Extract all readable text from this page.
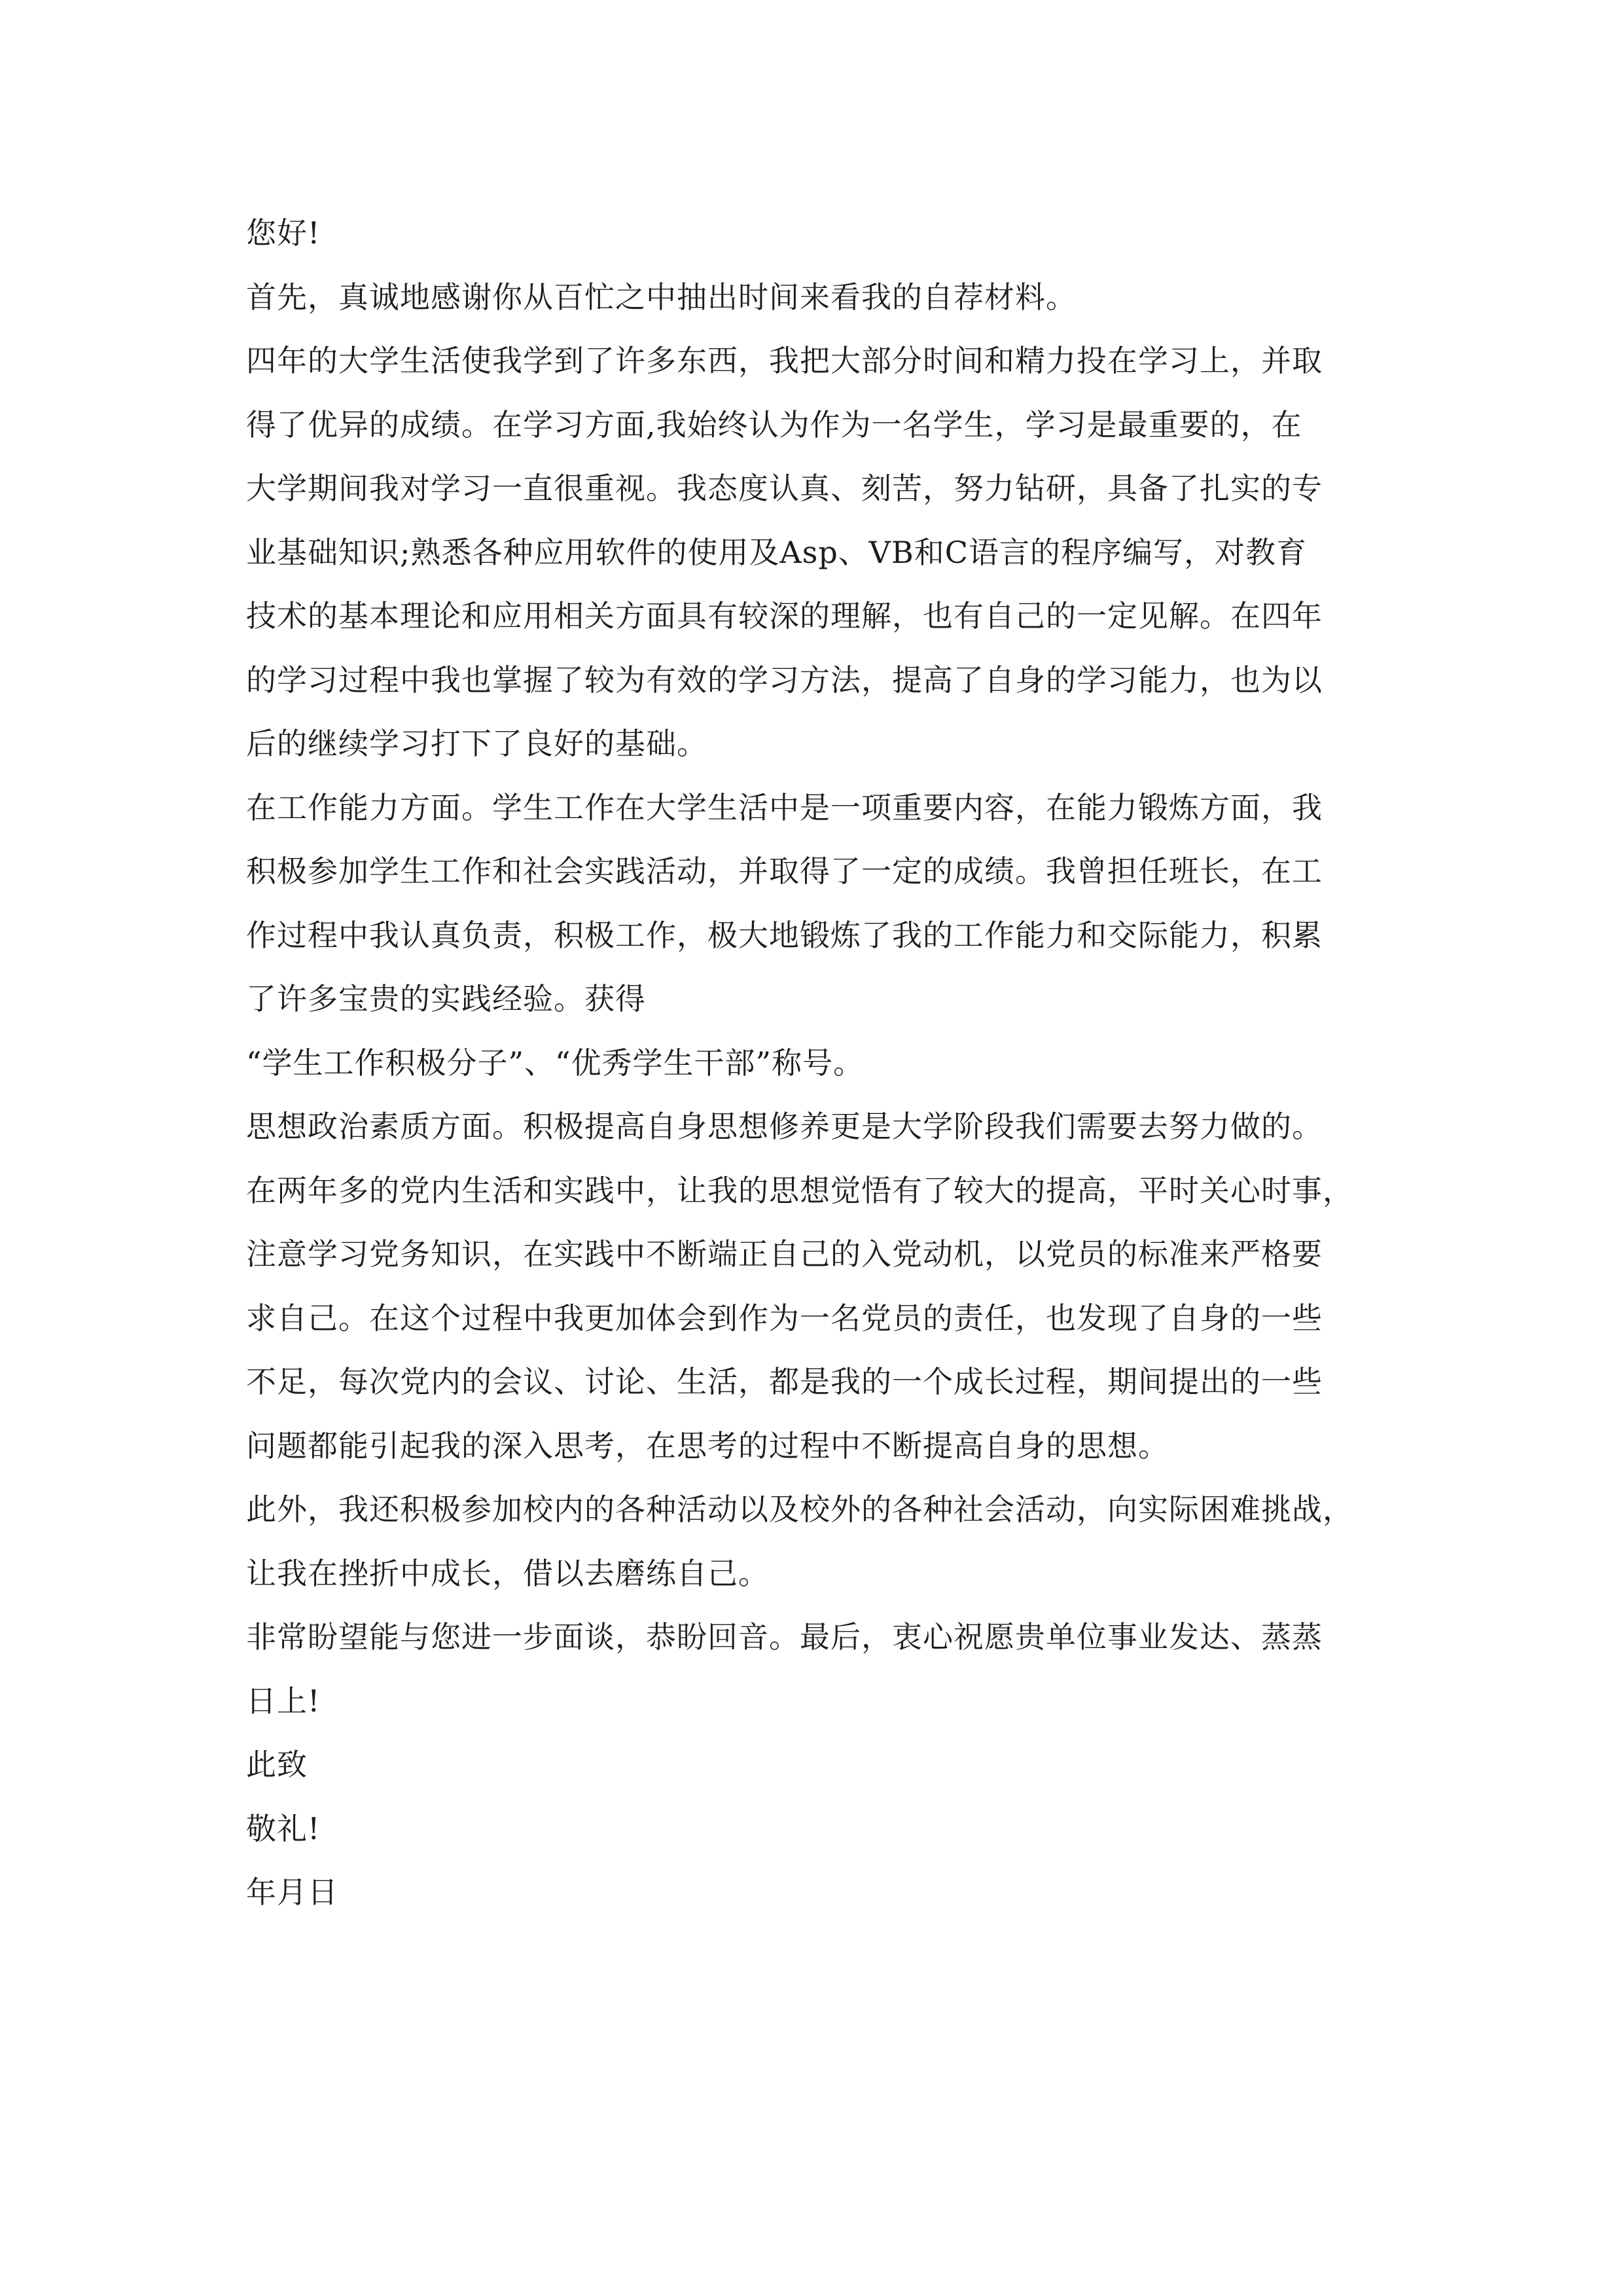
您好!

首先，真诚地感谢你从百忙之中抽出时间来看我的自荐材料。

四年的大学生活使我学到了许多东西，我把大部分时间和精力投在学习上，并取
得了优异的成绩。在学习方面,我始终认为作为一名学生，学习是最重要的，在
大学期间我对学习一直很重视。我态度认真、刻苦，努力钻研，具备了扎实的专
业基础知识;熟悉各种应用软件的使用及Asp、VB和C语言的程序编写，对教育
技术的基本理论和应用相关方面具有较深的理解，也有自己的一定见解。在四年
的学习过程中我也掌握了较为有效的学习方法，提高了自身的学习能力，也为以
后的继续学习打下了良好的基础。

在工作能力方面。学生工作在大学生活中是一项重要内容，在能力锻炼方面，我
积极参加学生工作和社会实践活动，并取得了一定的成绩。我曾担任班长，在工
作过程中我认真负责，积极工作，极大地锻炼了我的工作能力和交际能力，积累
了许多宝贵的实践经验。获得

“学生工作积极分子”、“优秀学生干部”称号。

思想政治素质方面。积极提高自身思想修养更是大学阶段我们需要去努力做的。
在两年多的党内生活和实践中，让我的思想觉悟有了较大的提高，平时关心时事，
注意学习党务知识，在实践中不断端正自己的入党动机，以党员的标准来严格要
求自己。在这个过程中我更加体会到作为一名党员的责任，也发现了自身的一些
不足，每次党内的会议、讨论、生活，都是我的一个成长过程，期间提出的一些
问题都能引起我的深入思考，在思考的过程中不断提高自身的思想。

此外，我还积极参加校内的各种活动以及校外的各种社会活动，向实际困难挑战，
让我在挫折中成长，借以去磨练自己。

非常盼望能与您进一步面谈，恭盼回音。最后，衷心祝愿贵单位事业发达、蒸蒸
日上!

此致
敬礼!

年月日
